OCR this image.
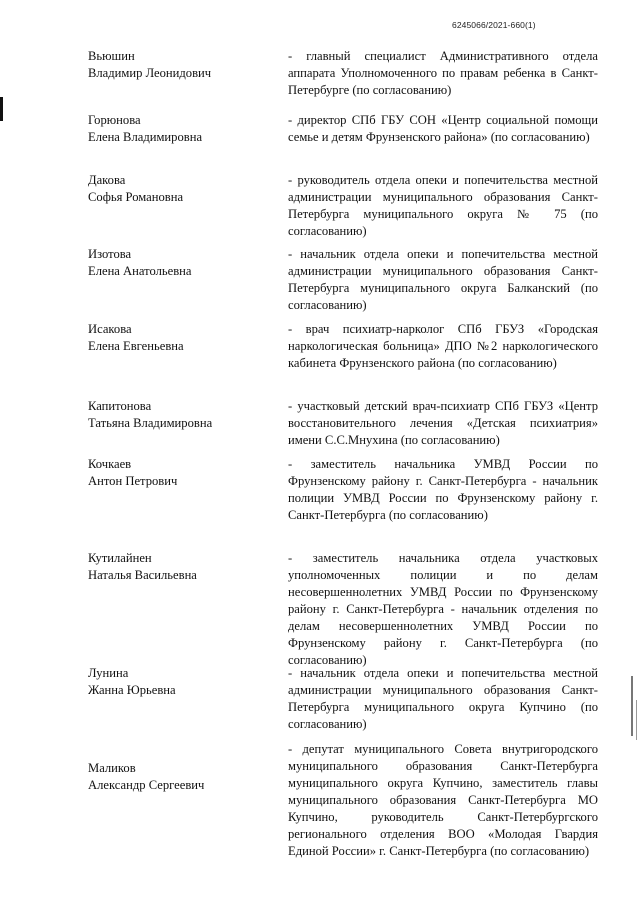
6245066/2021-660(1)
Вьюшин
Владимир Леонидович
- главный специалист Административного отдела аппарата Уполномоченного по правам ребенка в Санкт-Петербурге (по согласованию)
Горюнова
Елена Владимировна
- директор СПб ГБУ СОН «Центр социальной помощи семье и детям Фрунзенского района» (по согласованию)
Дакова
Софья Романовна
- руководитель отдела опеки и попечительства местной администрации муниципального образования Санкт-Петербурга муниципального округа № 75 (по согласованию)
Изотова
Елена Анатольевна
- начальник отдела опеки и попечительства местной администрации муниципального образования Санкт-Петербурга муниципального округа Балканский (по согласованию)
Исакова
Елена Евгеньевна
- врач психиатр-нарколог СПб ГБУЗ «Городская наркологическая больница» ДПО №2 наркологического кабинета Фрунзенского района (по согласованию)
Капитонова
Татьяна Владимировна
- участковый детский врач-психиатр СПб ГБУЗ «Центр восстановительного лечения «Детская психиатрия» имени С.С.Мнухина (по согласованию)
Кочкаев
Антон Петрович
- заместитель начальника УМВД России по Фрунзенскому району г. Санкт-Петербурга - начальник полиции УМВД России по Фрунзенскому району г. Санкт-Петербурга (по согласованию)
Кутилайнен
Наталья Васильевна
- заместитель начальника отдела участковых уполномоченных полиции и по делам несовершеннолетних УМВД России по Фрунзенскому району г. Санкт-Петербурга - начальник отделения по делам несовершеннолетних УМВД России по Фрунзенскому району г. Санкт-Петербурга (по согласованию)
Лунина
Жанна Юрьевна
- начальник отдела опеки и попечительства местной администрации муниципального образования Санкт-Петербурга муниципального округа Купчино (по согласованию)
Маликов
Александр Сергеевич
- депутат муниципального Совета внутригородского муниципального образования Санкт-Петербурга муниципального округа Купчино, заместитель главы муниципального образования Санкт-Петербурга МО Купчино, руководитель Санкт-Петербургского регионального отделения ВОО «Молодая Гвардия Единой России» г. Санкт-Петербурга (по согласованию)
